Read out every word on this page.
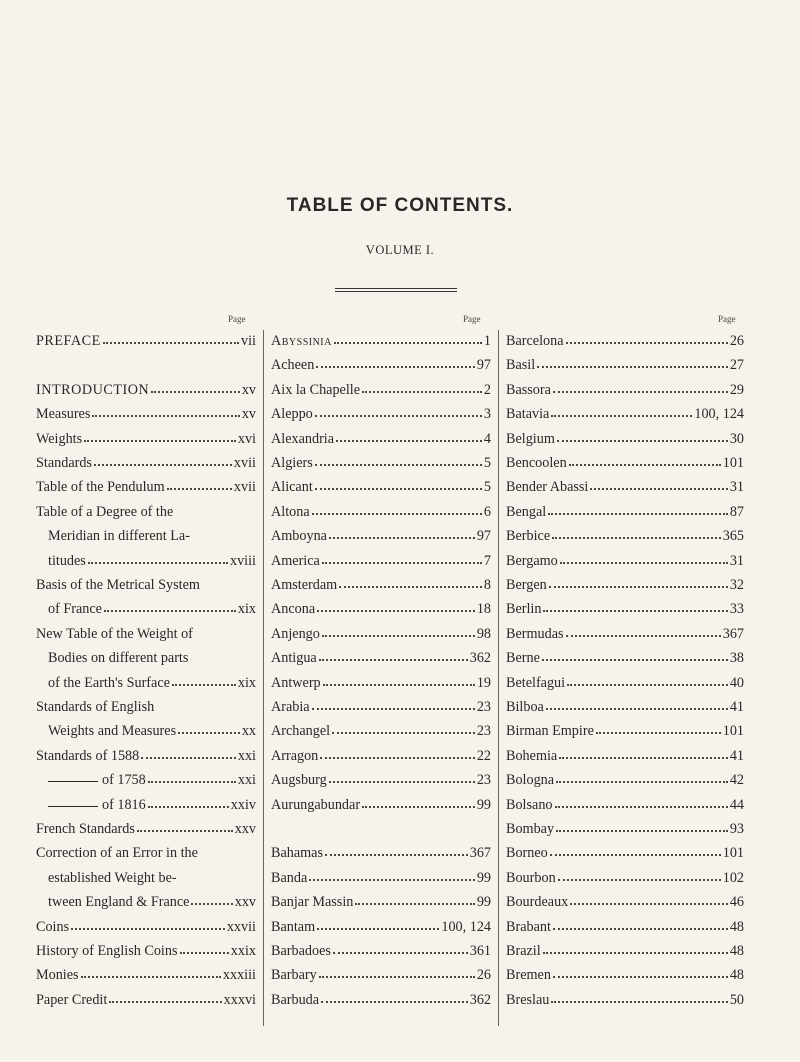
TABLE OF CONTENTS.
VOLUME I.
Page	Page	Page
PREFACE	vii
INTRODUCTION	xv
Measures	xv
Weights	xvi
Standards	xvii
Table of the Pendulum	xvii
Table of a Degree of the
Meridian in different La-
titudes	xviii
Basis of the Metrical System
of France	xix
New Table of the Weight of
Bodies on different parts
of the Earth's Surface	xix
Standards of English
Weights and Measures	xx
Standards of 1588	xxi
of 1758	xxi
of 1816	xxiv
French Standards	xxv
Correction of an Error in the
established Weight be-
tween England & France	xxv
Coins	xxvii
History of English Coins	xxix
Monies	xxxiii
Paper Credit	xxxvi
Abyssinia	1
Acheen	97
Aix la Chapelle	2
Aleppo	3
Alexandria	4
Algiers	5
Alicant	5
Altona	6
Amboyna	97
America	7
Amsterdam	8
Ancona	18
Anjengo	98
Antigua	362
Antwerp	19
Arabia	23
Archangel	23
Arragon	22
Augsburg	23
Aurungabundar	99
Bahamas	367
Banda	99
Banjar Massin	99
Bantam	100, 124
Barbadoes	361
Barbary	26
Barbuda	362
Barcelona	26
Basil	27
Bassora	29
Batavia	100, 124
Belgium	30
Bencoolen	101
Bender Abassi	31
Bengal	87
Berbice	365
Bergamo	31
Bergen	32
Berlin	33
Bermudas	367
Berne	38
Betelfagui	40
Bilboa	41
Birman Empire	101
Bohemia	41
Bologna	42
Bolsano	44
Bombay	93
Borneo	101
Bourbon	102
Bourdeaux	46
Brabant	48
Brazil	48
Bremen	48
Breslau	50
